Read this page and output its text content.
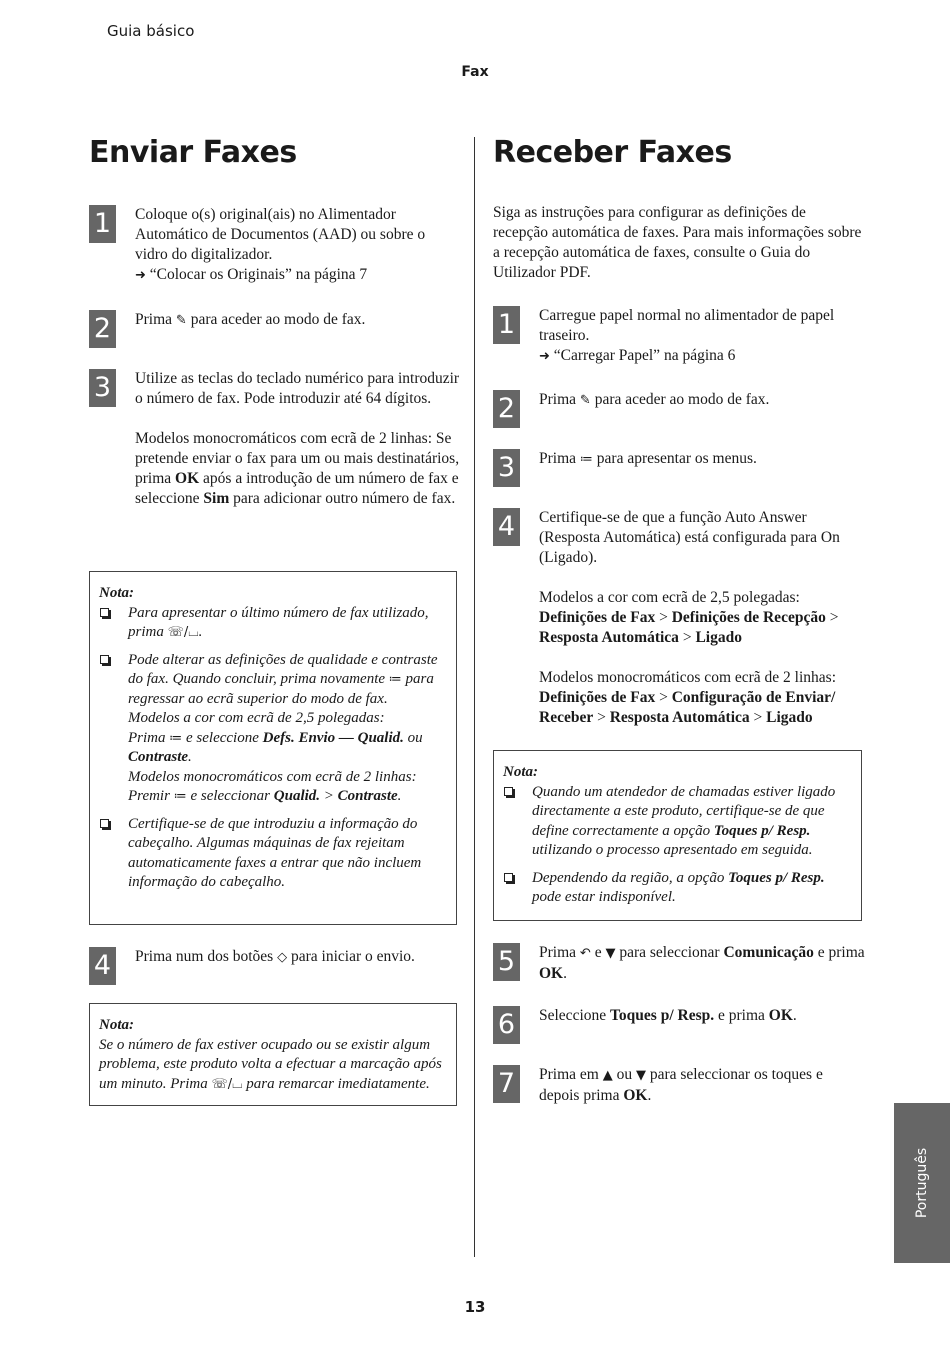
Guia básico
Fax
Enviar Faxes
1	Coloque o(s) original(ais) no Alimentador Automático de Documentos (AAD) ou sobre o vidro do digitalizador.

➜ “Colocar os Originais” na página 7

2	Prima ✎ para aceder ao modo de fax.

3	Utilize as teclas do teclado numérico para introduzir o número de fax. Pode introduzir até 64 dígitos.

Modelos monocromáticos com ecrã de 2 linhas: Se pretende enviar o fax para um ou mais destinatários, prima OK após a introdução de um número de fax e seleccione Sim para adicionar outro número de fax.

Nota:

Para apresentar o último número de fax utilizado, prima ☏/⌴.
Pode alterar as definições de qualidade e contraste do fax. Quando concluir, prima novamente ≔ para regressar ao ecrã superior do modo de fax.

Modelos a cor com ecrã de 2,5 polegadas:
Prima ≔ e seleccione Defs. Envio — Qualid. ou Contraste.

Modelos monocromáticos com ecrã de 2 linhas:
Premir ≔ e seleccionar Qualid. > Contraste.

Certifique-se de que introduziu a informação do cabeçalho. Algumas máquinas de fax rejeitam automaticamente faxes a entrar que não incluem informação do cabeçalho.
4	Prima num dos botões ◇ para iniciar o envio.

Nota:

Se o número de fax estiver ocupado ou se existir algum problema, este produto volta a efectuar a marcação após um minuto. Prima ☏/⌴ para remarcar imediatamente.

Receber Faxes

Siga as instruções para configurar as definições de recepção automática de faxes. Para mais informações sobre a recepção automática de faxes, consulte o Guia do Utilizador PDF.

1	Carregue papel normal no alimentador de papel traseiro.

➜ “Carregar Papel” na página 6

2	Prima ✎ para aceder ao modo de fax.

3	Prima ≔ para apresentar os menus.

4	Certifique-se de que a função Auto Answer (Resposta Automática) está configurada para On (Ligado).

Modelos a cor com ecrã de 2,5 polegadas:
Definições de Fax > Definições de Recepção > Resposta Automática > Ligado

Modelos monocromáticos com ecrã de 2 linhas:
Definições de Fax > Configuração de Enviar/ Receber > Resposta Automática > Ligado

Nota:

Quando um atendedor de chamadas estiver ligado directamente a este produto, certifique-se de que define correctamente a opção Toques p/ Resp. utilizando o processo apresentado em seguida.
Dependendo da região, a opção Toques p/ Resp. pode estar indisponível.
5	Prima ↶ e ▼ para seleccionar Comunicação e prima OK.

6	Seleccione Toques p/ Resp. e prima OK.

7	Prima em ▲ ou ▼ para seleccionar os toques e depois prima OK.

Português
13
